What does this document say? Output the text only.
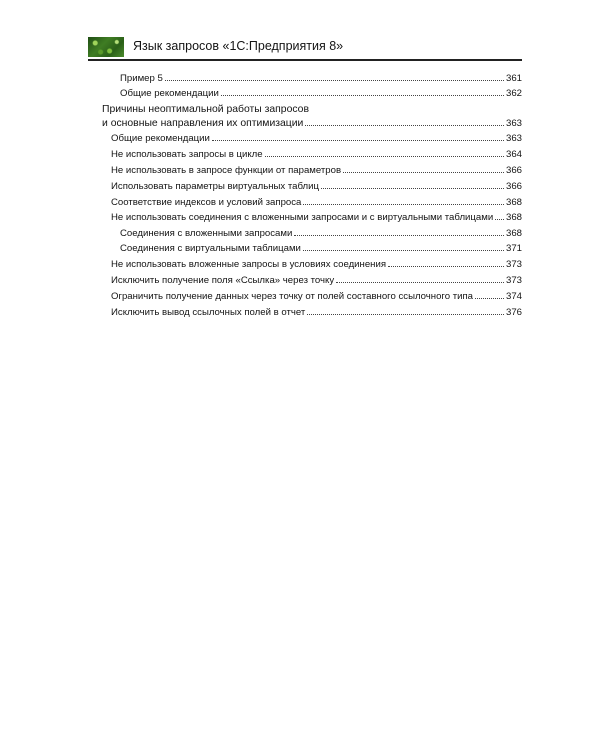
Язык запросов «1С:Предприятия 8»
Пример 5	361
Общие рекомендации	362
Причины неоптимальной работы запросов
и основные направления их оптимизации	363
Общие рекомендации	363
Не использовать запросы в цикле	364
Не использовать в запросе функции от параметров	366
Использовать параметры виртуальных таблиц	366
Соответствие индексов и условий запроса	368
Не использовать соединения с вложенными запросами и с виртуальными таблицами 368
Соединения с вложенными запросами	368
Соединения с виртуальными таблицами	371
Не использовать вложенные запросы в условиях соединения	373
Исключить получение поля «Ссылка» через точку	373
Ограничить получение данных через точку от полей составного ссылочного типа	374
Исключить вывод ссылочных полей в отчет	376
